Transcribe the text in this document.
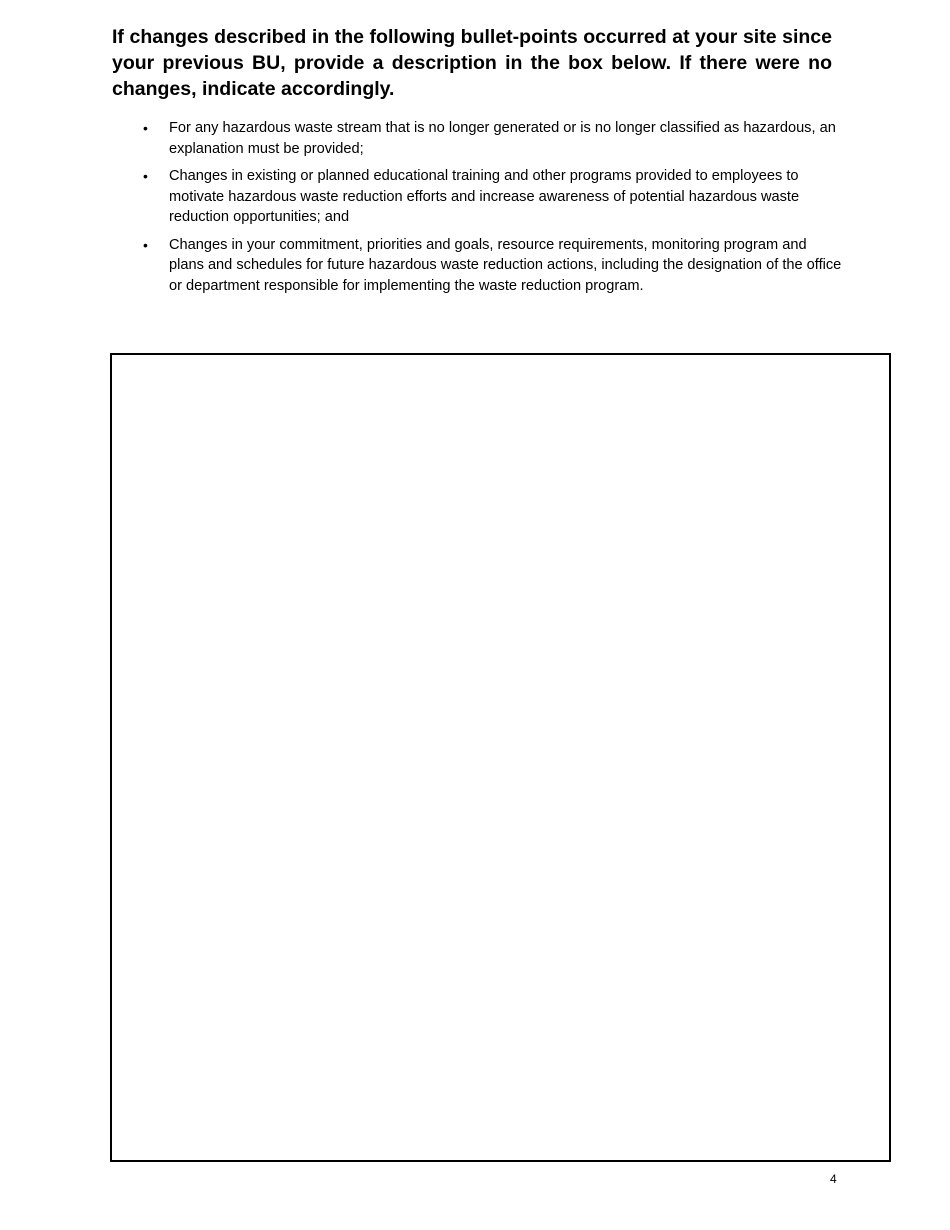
If changes described in the following bullet-points occurred at your site since your previous BU, provide a description in the box below. If there were no changes, indicate accordingly.
• For any hazardous waste stream that is no longer generated or is no longer classified as hazardous, an explanation must be provided;
• Changes in existing or planned educational training and other programs provided to employees to motivate hazardous waste reduction efforts and increase awareness of potential hazardous waste reduction opportunities; and
• Changes in your commitment, priorities and goals, resource requirements, monitoring program and plans and schedules for future hazardous waste reduction actions, including the designation of the office or department responsible for implementing the waste reduction program.
4
